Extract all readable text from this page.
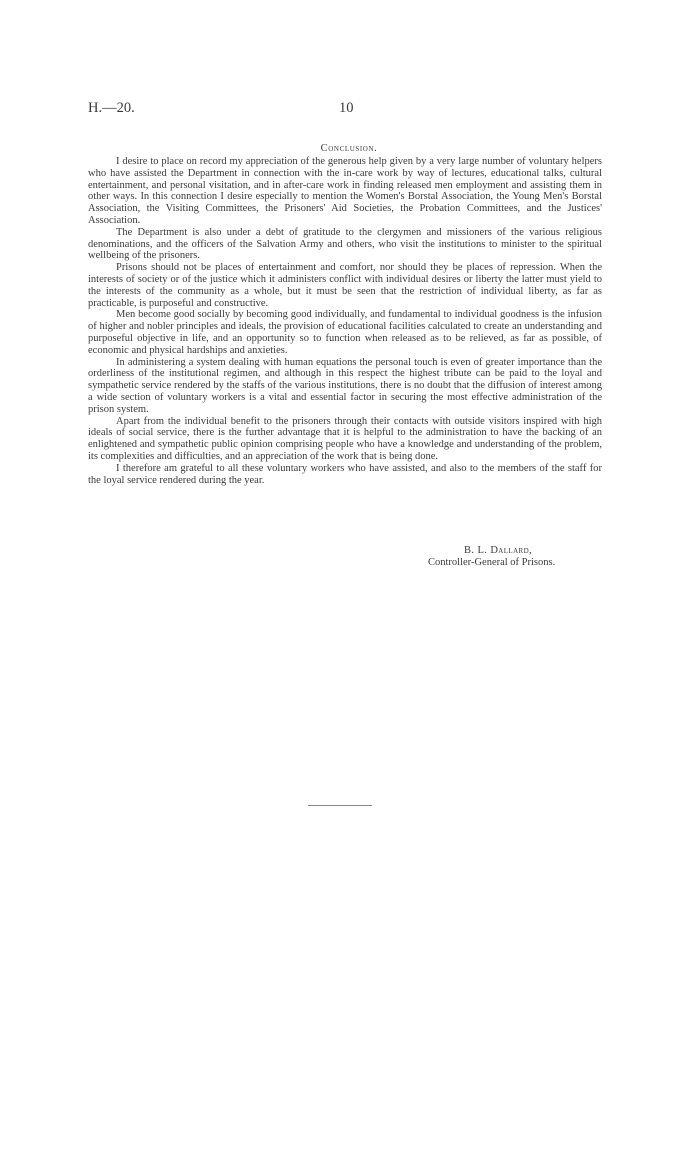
H.—20.	10
Conclusion.

I desire to place on record my appreciation of the generous help given by a very large number of voluntary helpers who have assisted the Department in connection with the in-care work by way of lectures, educational talks, cultural entertainment, and personal visitation, and in after-care work in finding released men employment and assisting them in other ways. In this connection I desire especially to mention the Women's Borstal Association, the Young Men's Borstal Association, the Visiting Committees, the Prisoners' Aid Societies, the Probation Committees, and the Justices' Association.

The Department is also under a debt of gratitude to the clergymen and missioners of the various religious denominations, and the officers of the Salvation Army and others, who visit the institutions to minister to the spiritual wellbeing of the prisoners.

Prisons should not be places of entertainment and comfort, nor should they be places of repression. When the interests of society or of the justice which it administers conflict with individual desires or liberty the latter must yield to the interests of the community as a whole, but it must be seen that the restriction of individual liberty, as far as practicable, is purposeful and constructive.

Men become good socially by becoming good individually, and fundamental to individual goodness is the infusion of higher and nobler principles and ideals, the provision of educational facilities calculated to create an understanding and purposeful objective in life, and an opportunity so to function when released as to be relieved, as far as possible, of economic and physical hardships and anxieties.

In administering a system dealing with human equations the personal touch is even of greater importance than the orderliness of the institutional regimen, and although in this respect the highest tribute can be paid to the loyal and sympathetic service rendered by the staffs of the various institutions, there is no doubt that the diffusion of interest among a wide section of voluntary workers is a vital and essential factor in securing the most effective administration of the prison system.

Apart from the individual benefit to the prisoners through their contacts with outside visitors inspired with high ideals of social service, there is the further advantage that it is helpful to the administration to have the backing of an enlightened and sympathetic public opinion comprising people who have a knowledge and understanding of the problem, its complexities and difficulties, and an appreciation of the work that is being done.

I therefore am grateful to all these voluntary workers who have assisted, and also to the members of the staff for the loyal service rendered during the year.

B. L. Dallard,
Controller-General of Prisons.
